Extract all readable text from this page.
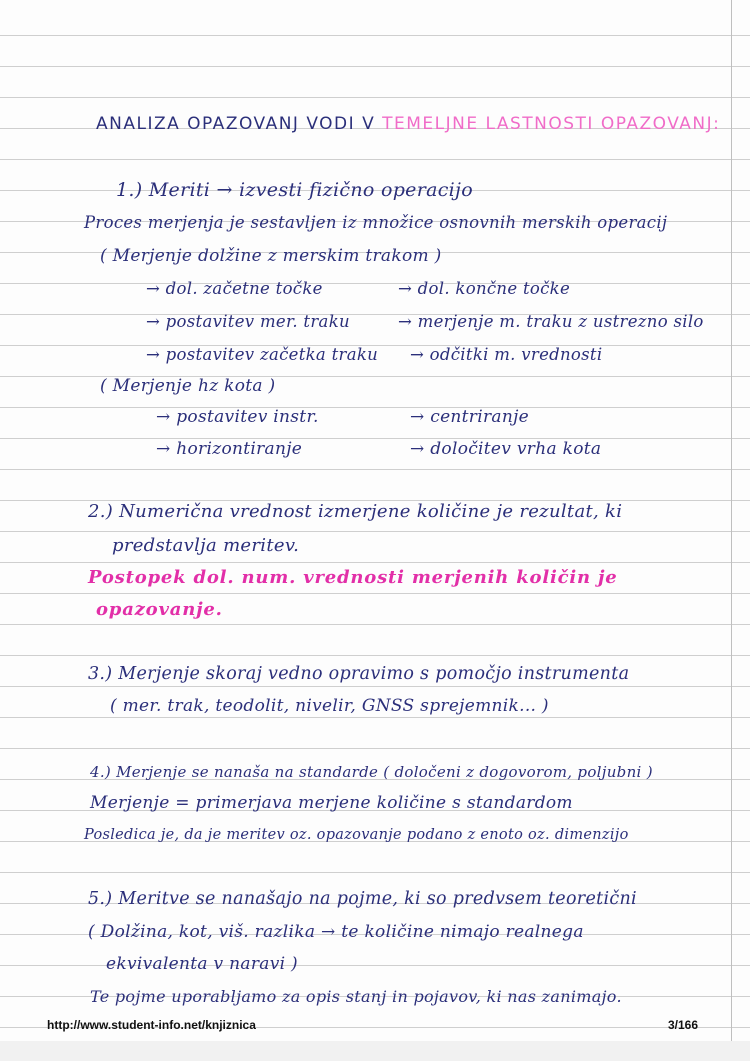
ANALIZA OPAZOVANJ VODI V TEMELJNE LASTNOSTI OPAZOVANJ:
1.) Meriti → izvesti fizično operacijo
Proces merjenja je sestavljen iz množice osnovnih merskih operacij
( Merjenje dolžine z merskim trakom )
→ dol. začetne točke	→ dol. končne točke
→ postavitev mer. traku	→ merjenje m. traku z ustrezno silo
→ postavitev začetka traku → odčitki m. vrednosti
( Merjenje hz kota )
→ postavitev instr.	→ centriranje
→ horizontiranje	→ določitev vrha kota
2.) Numerična vrednost izmerjene količine je rezultat, ki
predstavlja meritev.
Postopek dol. num. vrednosti merjenih količin je
opazovanje.
3.) Merjenje skoraj vedno opravimo s pomočjo instrumenta
( mer. trak, teodolit, nivelir, GNSS sprejemnik... )
4.) Merjenje se nanaša na standarde ( določeni z dogovorom, poljubni )
Merjenje = primerjava merjene količine s standardom
Posledica je, da je meritev oz. opazovanje podano z enoto oz. dimenzijo
5.) Meritve se nanašajo na pojme, ki so predvsem teoretični
( Dolžina, kot, viš. razlika → te količine nimajo realnega
ekvivalenta v naravi )
Te pojme uporabljamo za opis stanj in pojavov, ki nas zanimajo.
http://www.student-info.net/knjiznica	3/166
